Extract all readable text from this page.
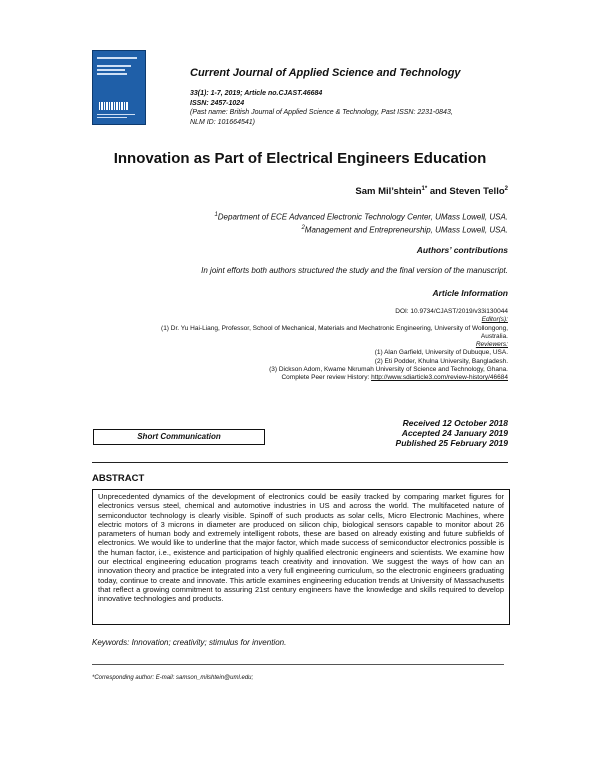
Current Journal of Applied Science and Technology
33(1): 1-7, 2019; Article no.CJAST.46684
ISSN: 2457-1024
(Past name: British Journal of Applied Science & Technology, Past ISSN: 2231-0843,
NLM ID: 101664541)
Innovation as Part of Electrical Engineers Education
Sam Mil’shtein$^{1*}$ and Steven Tello$^2$
$^1$Department of ECE Advanced Electronic Technology Center, UMass Lowell, USA.
$^2$Management and Entrepreneurship, UMass Lowell, USA.
Authors’ contributions
In joint efforts both authors structured the study and the final version of the manuscript.
Article Information
DOI: 10.9734/CJAST/2019/v33i130044
Editor(s):
(1) Dr. Yu Hai-Liang, Professor, School of Mechanical, Materials and Mechatronic Engineering, University of Wollongong,
Australia.
Reviewers:
(1) Alan Garfield, University of Dubuque, USA.
(2) Eti Podder, Khulna University, Bangladesh.
(3) Dickson Adom, Kwame Nkrumah University of Science and Technology, Ghana.
Complete Peer review History: http://www.sdiarticle3.com/review-history/46684
Short Communication
Received 12 October 2018
Accepted 24 January 2019
Published 25 February 2019
ABSTRACT
Unprecedented dynamics of the development of electronics could be easily tracked by comparing market figures for electronics versus steel, chemical and automotive industries in US and across the world. The multifaceted nature of semiconductor technology is clearly visible. Spinoff of such products as solar cells, Micro Electronic Machines, where electric motors of 3 microns in diameter are produced on silicon chip, biological sensors capable to monitor about 26 parameters of human body and extremely intelligent robots, these are based on already existing and future subfields of electronics. We would like to underline that the major factor, which made success of semiconductor electronics possible is the human factor, i.e., existence and participation of highly qualified electronic engineers and scientists. We examine how our electrical engineering education programs teach creativity and innovation. We suggest the ways of how can an innovation theory and practice be integrated into a very full engineering curriculum, so the electronic engineers graduating today, continue to create and innovate. This article examines engineering education trends at University of Massachusetts that reflect a growing commitment to assuring 21st century engineers have the knowledge and skills required to develop innovative technologies and products.
Keywords: Innovation; creativity; stimulus for invention.
*Corresponding author: E-mail: samson_milshtein@uml.edu;
